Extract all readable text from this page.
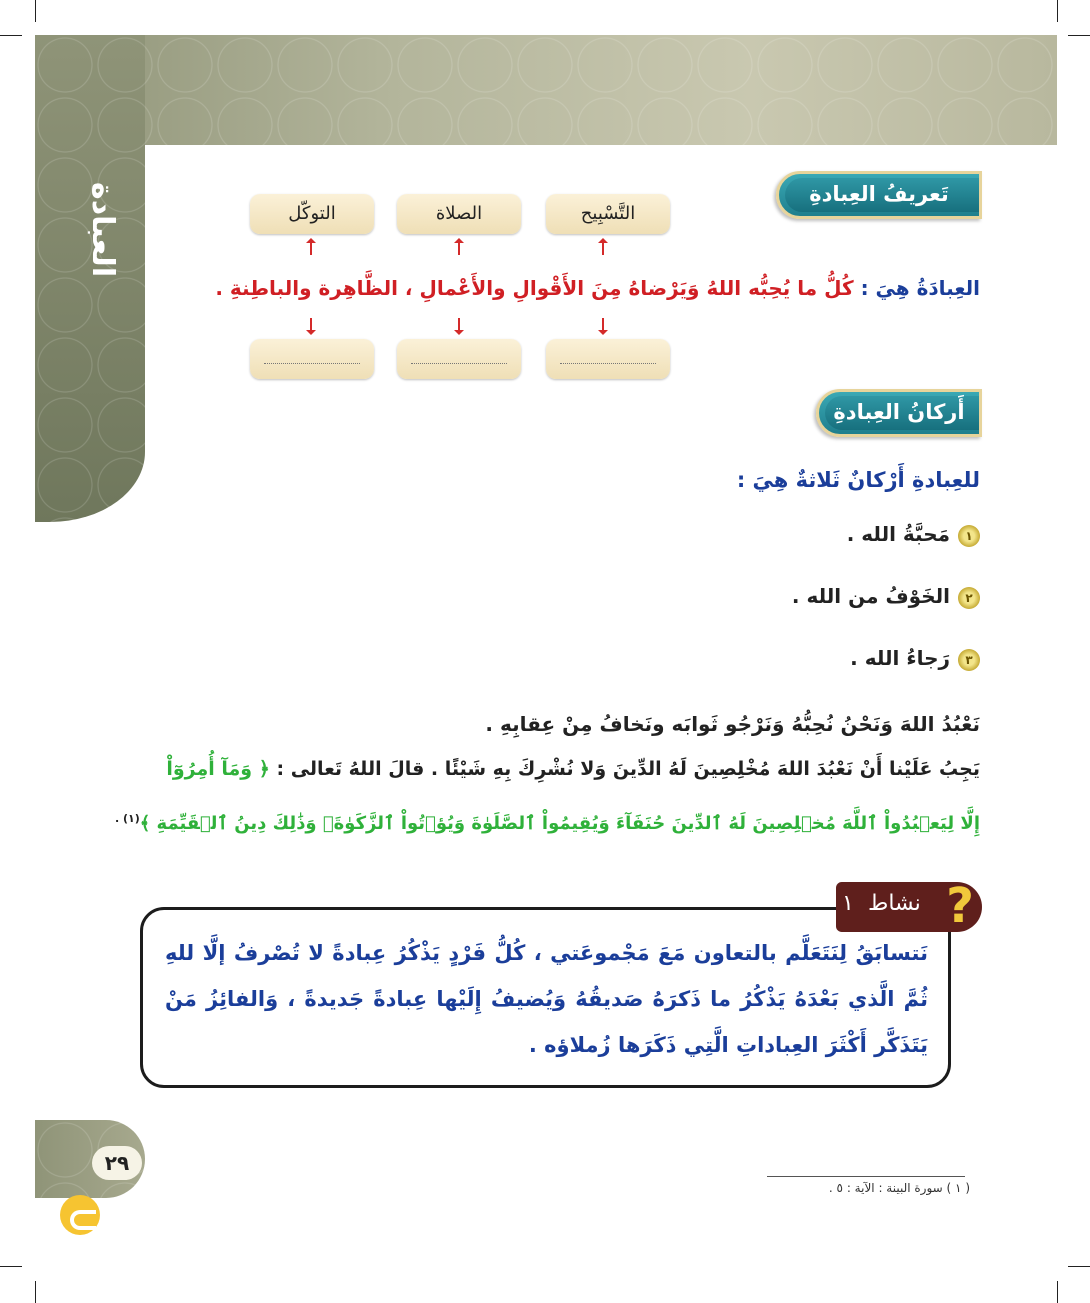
العبادة	تَعريفُ العِبادةِ
التَّسْبِيح
الصلاة
التوكّل
العِبادَةُ هِيَ : كُلُّ ما يُحِبُّه اللهُ وَيَرْضاهُ مِنَ الأَقْوالِ والأَعْمالِ ، الظَّاهِرة والباطِنةِ .
أَركانُ العِبادةِ
للعِبادةِ أَرْكانٌ ثَلاثةٌ هِيَ :
١مَحبَّةُ الله .
٢الخَوْفُ من الله .
٣رَجاءُ الله .
نَعْبُدُ اللهَ وَنَحْنُ نُحِبُّهُ وَنَرْجُو ثَوابَه ونَخافُ مِنْ عِقابِهِ .
يَجِبُ عَلَيْنا أَنْ نَعْبُدَ اللهَ مُخْلِصِينَ لَهُ الدِّينَ وَلا نُشْرِكَ بِهِ شَيْئًا . قالَ اللهُ تَعالى : ﴿ وَمَآ أُمِرُوٓاْ
إِلَّا لِيَعۡبُدُواْ ٱللَّهَ مُخۡلِصِينَ لَهُ ٱلدِّينَ حُنَفَآءَ وَيُقِيمُواْ ٱلصَّلَوٰةَ وَيُؤۡتُواْ ٱلزَّكَوٰةَۚ وَذَٰلِكَ دِينُ ٱلۡقَيِّمَةِ ﴾$^{(١) .}$
نَتسابَقُ لِنَتَعَلَّم بالتعاون مَعَ مَجْموعَتي ، كُلُّ فَرْدٍ يَذْكُرُ عِبادةً لا تُصْرفُ إلَّا للهِ ثُمَّ الَّذي بَعْدَهُ يَذْكُرُ ما ذَكرَهُ صَديقُهُ وَيُضيفُ إِلَيْها عِبادةً جَديدةً ، وَالفائِزُ مَنْ يَتَذَكَّر أَكْثَرَ العِباداتِ الَّتِي ذَكَرَها زُملاؤه .
١ نشاط ?
٢٩
( ١ ) سورة البينة : الآية : ٥ .
